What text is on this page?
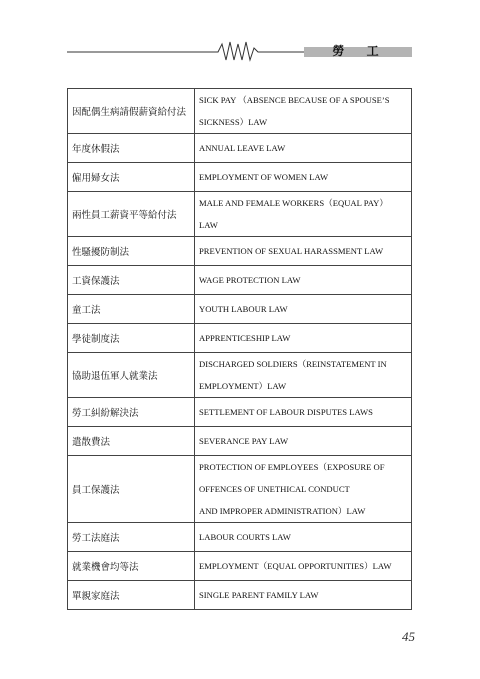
勞 工
因配偶生病請假薪資給付法	SICK PAY （ABSENCE BECAUSE OF A SPOUSE’S
SICKNESS）LAW

年度休假法	ANNUAL LEAVE LAW

僱用婦女法	EMPLOYMENT OF WOMEN LAW

兩性員工薪資平等給付法	MALE AND FEMALE WORKERS（EQUAL PAY）
LAW

性騷擾防制法	PREVENTION OF SEXUAL HARASSMENT LAW

工資保護法	WAGE PROTECTION LAW

童工法	YOUTH LABOUR LAW

學徒制度法	APPRENTICESHIP LAW

協助退伍軍人就業法	DISCHARGED SOLDIERS（REINSTATEMENT IN
EMPLOYMENT）LAW

勞工糾紛解決法	SETTLEMENT OF LABOUR DISPUTES LAWS

遣散費法	SEVERANCE PAY LAW

員工保護法	PROTECTION OF EMPLOYEES（EXPOSURE OF
OFFENCES OF UNETHICAL CONDUCT
AND IMPROPER ADMINISTRATION）LAW

勞工法庭法	LABOUR COURTS LAW

就業機會均等法	EMPLOYMENT（EQUAL OPPORTUNITIES）LAW

單親家庭法	SINGLE PARENT FAMILY LAW
45
